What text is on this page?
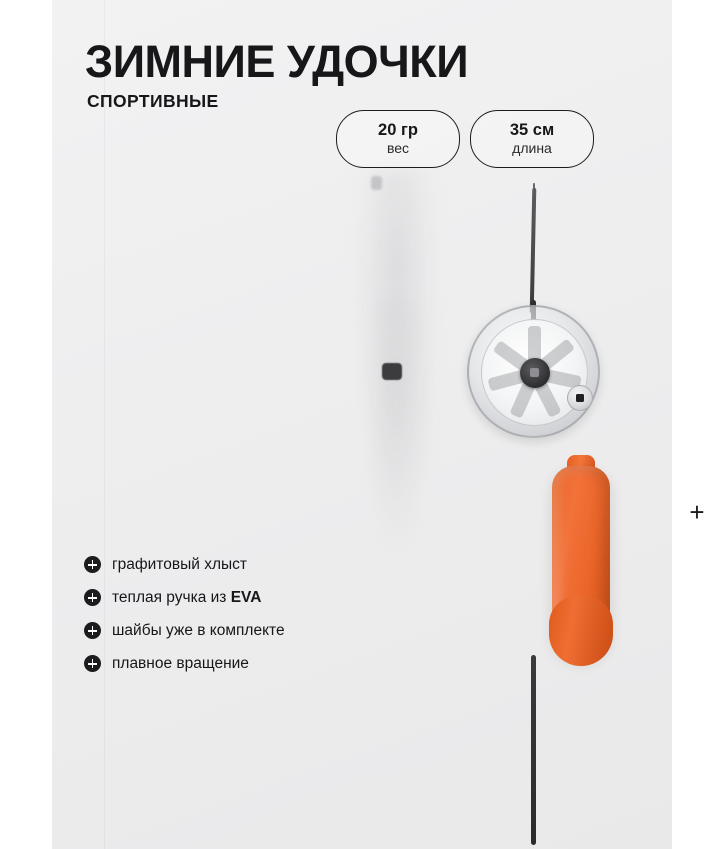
ЗИМНИЕ УДОЧКИ
СПОРТИВНЫЕ
20 гр
вес
35 см
длина
графитовый хлыст
теплая ручка из EVA
шайбы уже в комплекте
плавное вращение
+
